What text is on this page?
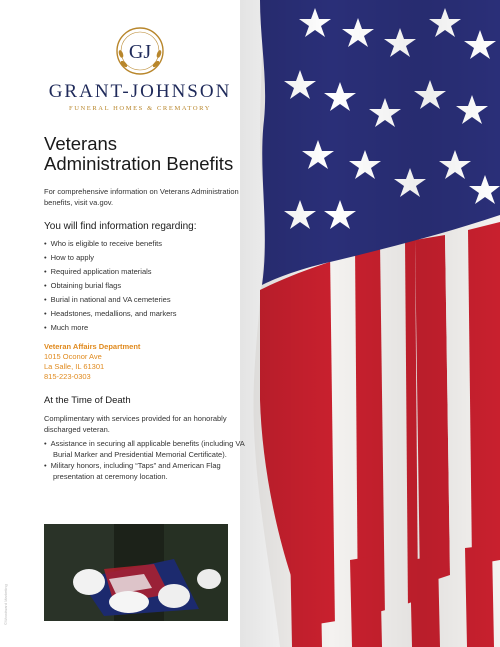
GJ
GRANT-JOHNSON
FUNERAL HOMES & CREMATORY
Veterans
Administration Benefits
For comprehensive information on Veterans Administration benefits, visit va.gov.
You will find information regarding:
• Who is eligible to receive benefits
• How to apply
• Required application materials
• Obtaining burial flags
• Burial in national and VA cemeteries
• Headstones, medallions, and markers
• Much more
Veteran Affairs Department
1015 Oconor Ave
La Salle, IL 61301
815-223-0303
At the Time of Death
Complimentary with services provided for an honorably discharged veteran.
• Assistance in securing all applicable benefits (including VA Burial Marker and Presidential Memorial Certificate).
• Military honors, including “Taps” and American Flag presentation at ceremony location.
©Woodward Marketing
